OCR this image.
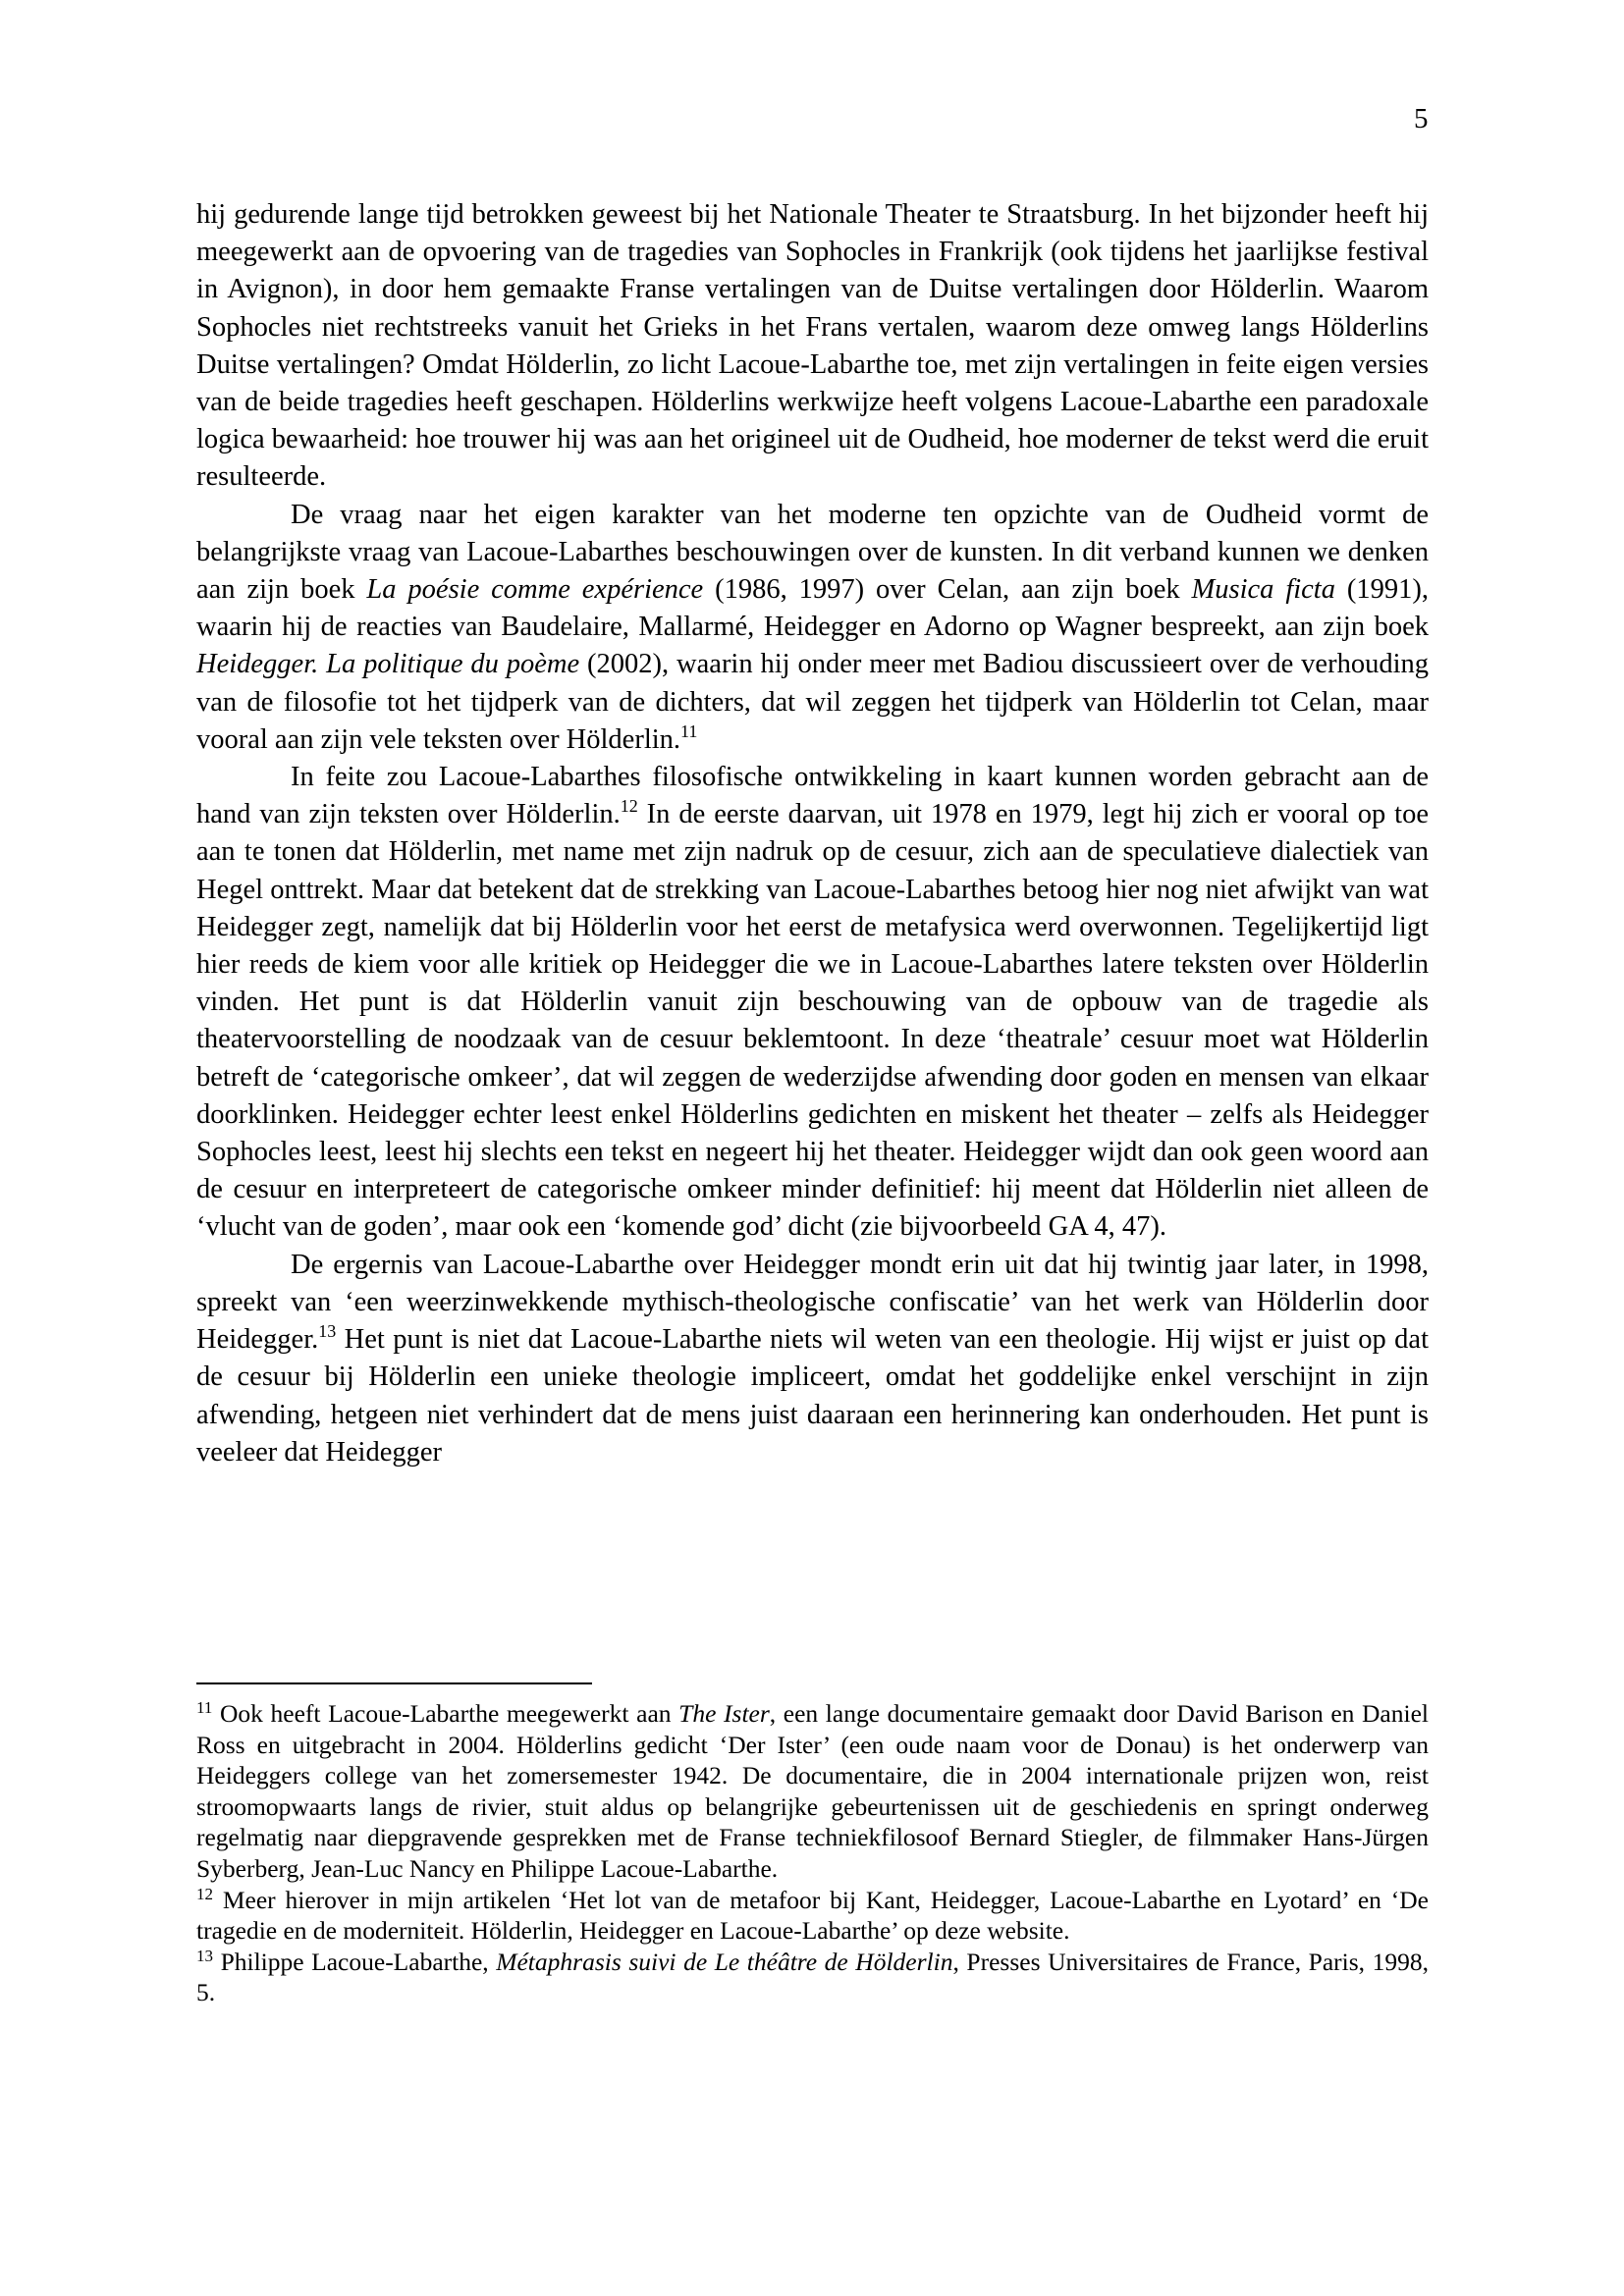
5

hij gedurende lange tijd betrokken geweest bij het Nationale Theater te Straatsburg. In het bijzonder heeft hij meegewerkt aan de opvoering van de tragedies van Sophocles in Frankrijk (ook tijdens het jaarlijkse festival in Avignon), in door hem gemaakte Franse vertalingen van de Duitse vertalingen door Hölderlin. Waarom Sophocles niet rechtstreeks vanuit het Grieks in het Frans vertalen, waarom deze omweg langs Hölderlins Duitse vertalingen? Omdat Hölderlin, zo licht Lacoue-Labarthe toe, met zijn vertalingen in feite eigen versies van de beide tragedies heeft geschapen. Hölderlins werkwijze heeft volgens Lacoue-Labarthe een paradoxale logica bewaarheid: hoe trouwer hij was aan het origineel uit de Oudheid, hoe moderner de tekst werd die eruit resulteerde.

De vraag naar het eigen karakter van het moderne ten opzichte van de Oudheid vormt de belangrijkste vraag van Lacoue-Labarthes beschouwingen over de kunsten. In dit verband kunnen we denken aan zijn boek La poésie comme expérience (1986, 1997) over Celan, aan zijn boek Musica ficta (1991), waarin hij de reacties van Baudelaire, Mallarmé, Heidegger en Adorno op Wagner bespreekt, aan zijn boek Heidegger. La politique du poème (2002), waarin hij onder meer met Badiou discussieert over de verhouding van de filosofie tot het tijdperk van de dichters, dat wil zeggen het tijdperk van Hölderlin tot Celan, maar vooral aan zijn vele teksten over Hölderlin.$^{11}$

In feite zou Lacoue-Labarthes filosofische ontwikkeling in kaart kunnen worden gebracht aan de hand van zijn teksten over Hölderlin.$^{12}$ In de eerste daarvan, uit 1978 en 1979, legt hij zich er vooral op toe aan te tonen dat Hölderlin, met name met zijn nadruk op de cesuur, zich aan de speculatieve dialectiek van Hegel onttrekt. Maar dat betekent dat de strekking van Lacoue-Labarthes betoog hier nog niet afwijkt van wat Heidegger zegt, namelijk dat bij Hölderlin voor het eerst de metafysica werd overwonnen. Tegelijkertijd ligt hier reeds de kiem voor alle kritiek op Heidegger die we in Lacoue-Labarthes latere teksten over Hölderlin vinden. Het punt is dat Hölderlin vanuit zijn beschouwing van de opbouw van de tragedie als theatervoorstelling de noodzaak van de cesuur beklemtoont. In deze ‘theatrale’ cesuur moet wat Hölderlin betreft de ‘categorische omkeer’, dat wil zeggen de wederzijdse afwending door goden en mensen van elkaar doorklinken. Heidegger echter leest enkel Hölderlins gedichten en miskent het theater – zelfs als Heidegger Sophocles leest, leest hij slechts een tekst en negeert hij het theater. Heidegger wijdt dan ook geen woord aan de cesuur en interpreteert de categorische omkeer minder definitief: hij meent dat Hölderlin niet alleen de ‘vlucht van de goden’, maar ook een ‘komende god’ dicht (zie bijvoorbeeld GA 4, 47).

De ergernis van Lacoue-Labarthe over Heidegger mondt erin uit dat hij twintig jaar later, in 1998, spreekt van ‘een weerzinwekkende mythisch-theologische confiscatie’ van het werk van Hölderlin door Heidegger.$^{13}$ Het punt is niet dat Lacoue-Labarthe niets wil weten van een theologie. Hij wijst er juist op dat de cesuur bij Hölderlin een unieke theologie impliceert, omdat het goddelijke enkel verschijnt in zijn afwending, hetgeen niet verhindert dat de mens juist daaraan een herinnering kan onderhouden. Het punt is veeleer dat Heidegger

$^{11}$ Ook heeft Lacoue-Labarthe meegewerkt aan The Ister, een lange documentaire gemaakt door David Barison en Daniel Ross en uitgebracht in 2004. Hölderlins gedicht ‘Der Ister’ (een oude naam voor de Donau) is het onderwerp van Heideggers college van het zomersemester 1942. De documentaire, die in 2004 internationale prijzen won, reist stroomopwaarts langs de rivier, stuit aldus op belangrijke gebeurtenissen uit de geschiedenis en springt onderweg regelmatig naar diepgravende gesprekken met de Franse techniekfilosoof Bernard Stiegler, de filmmaker Hans-Jürgen Syberberg, Jean-Luc Nancy en Philippe Lacoue-Labarthe.

$^{12}$ Meer hierover in mijn artikelen ‘Het lot van de metafoor bij Kant, Heidegger, Lacoue-Labarthe en Lyotard’ en ‘De tragedie en de moderniteit. Hölderlin, Heidegger en Lacoue-Labarthe’ op deze website.

$^{13}$ Philippe Lacoue-Labarthe, Métaphrasis suivi de Le théâtre de Hölderlin, Presses Universitaires de France, Paris, 1998, 5.
